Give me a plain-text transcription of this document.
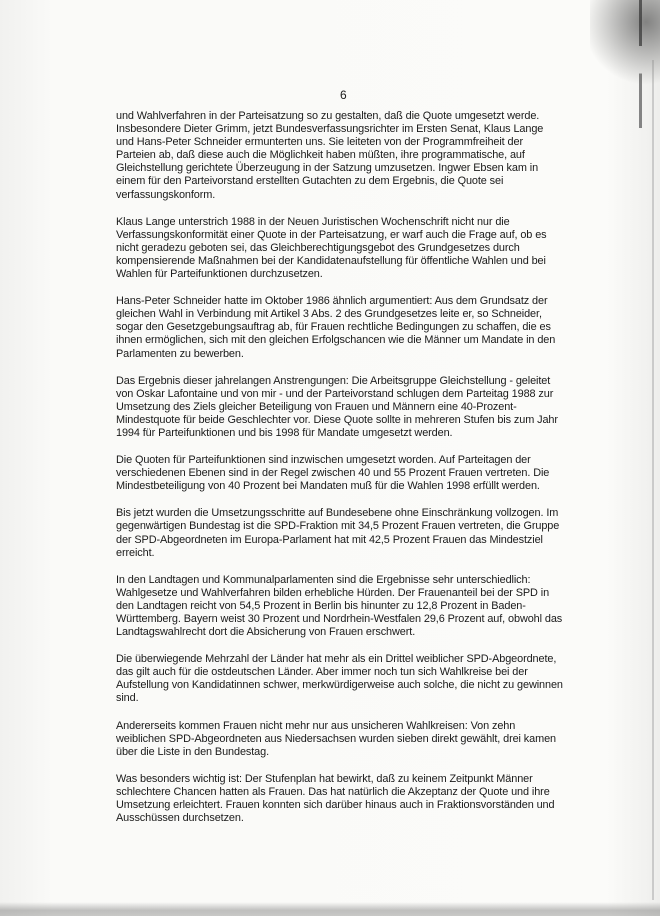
6

und Wahlverfahren in der Parteisatzung so zu gestalten, daß die Quote umgesetzt werde. Insbesondere Dieter Grimm, jetzt Bundesverfassungsrichter im Ersten Senat, Klaus Lange und Hans-Peter Schneider ermunterten uns. Sie leiteten von der Programmfreiheit der Parteien ab, daß diese auch die Möglichkeit haben müßten, ihre programmatische, auf Gleichstellung gerichtete Überzeugung in der Satzung umzusetzen. Ingwer Ebsen kam in einem für den Parteivorstand erstellten Gutachten zu dem Ergebnis, die Quote sei verfassungskonform.

Klaus Lange unterstrich 1988 in der Neuen Juristischen Wochenschrift nicht nur die Verfassungskonformität einer Quote in der Parteisatzung, er warf auch die Frage auf, ob es nicht geradezu geboten sei, das Gleichberechtigungsgebot des Grundgesetzes durch kompensierende Maßnahmen bei der Kandidatenaufstellung für öffentliche Wahlen und bei Wahlen für Parteifunktionen durchzusetzen.

Hans-Peter Schneider hatte im Oktober 1986 ähnlich argumentiert: Aus dem Grundsatz der gleichen Wahl in Verbindung mit Artikel 3 Abs. 2 des Grundgesetzes leite er, so Schneider, sogar den Gesetzgebungsauftrag ab, für Frauen rechtliche Bedingungen zu schaffen, die es ihnen ermöglichen, sich mit den gleichen Erfolgschancen wie die Männer um Mandate in den Parlamenten zu bewerben.

Das Ergebnis dieser jahrelangen Anstrengungen: Die Arbeitsgruppe Gleichstellung - geleitet von Oskar Lafontaine und von mir - und der Parteivorstand schlugen dem Parteitag 1988 zur Umsetzung des Ziels gleicher Beteiligung von Frauen und Männern eine 40-Prozent-Mindestquote für beide Geschlechter vor. Diese Quote sollte in mehreren Stufen bis zum Jahr 1994 für Parteifunktionen und bis 1998 für Mandate umgesetzt werden.

Die Quoten für Parteifunktionen sind inzwischen umgesetzt worden. Auf Parteitagen der verschiedenen Ebenen sind in der Regel zwischen 40 und 55 Prozent Frauen vertreten. Die Mindestbeteiligung von 40 Prozent bei Mandaten muß für die Wahlen 1998 erfüllt werden.

Bis jetzt wurden die Umsetzungsschritte auf Bundesebene ohne Einschränkung vollzogen. Im gegenwärtigen Bundestag ist die SPD-Fraktion mit 34,5 Prozent Frauen vertreten, die Gruppe der SPD-Abgeordneten im Europa-Parlament hat mit 42,5 Prozent Frauen das Mindestziel erreicht.

In den Landtagen und Kommunalparlamenten sind die Ergebnisse sehr unterschiedlich: Wahlgesetze und Wahlverfahren bilden erhebliche Hürden. Der Frauenanteil bei der SPD in den Landtagen reicht von 54,5 Prozent in Berlin bis hinunter zu 12,8 Prozent in Baden-Württemberg. Bayern weist 30 Prozent und Nordrhein-Westfalen 29,6 Prozent auf, obwohl das Landtagswahlrecht dort die Absicherung von Frauen erschwert.

Die überwiegende Mehrzahl der Länder hat mehr als ein Drittel weiblicher SPD-Abgeordnete, das gilt auch für die ostdeutschen Länder. Aber immer noch tun sich Wahlkreise bei der Aufstellung von Kandidatinnen schwer, merkwürdigerweise auch solche, die nicht zu gewinnen sind.

Andererseits kommen Frauen nicht mehr nur aus unsicheren Wahlkreisen: Von zehn weiblichen SPD-Abgeordneten aus Niedersachsen wurden sieben direkt gewählt, drei kamen über die Liste in den Bundestag.

Was besonders wichtig ist: Der Stufenplan hat bewirkt, daß zu keinem Zeitpunkt Männer schlechtere Chancen hatten als Frauen. Das hat natürlich die Akzeptanz der Quote und ihre Umsetzung erleichtert. Frauen konnten sich darüber hinaus auch in Fraktionsvorständen und Ausschüssen durchsetzen.
